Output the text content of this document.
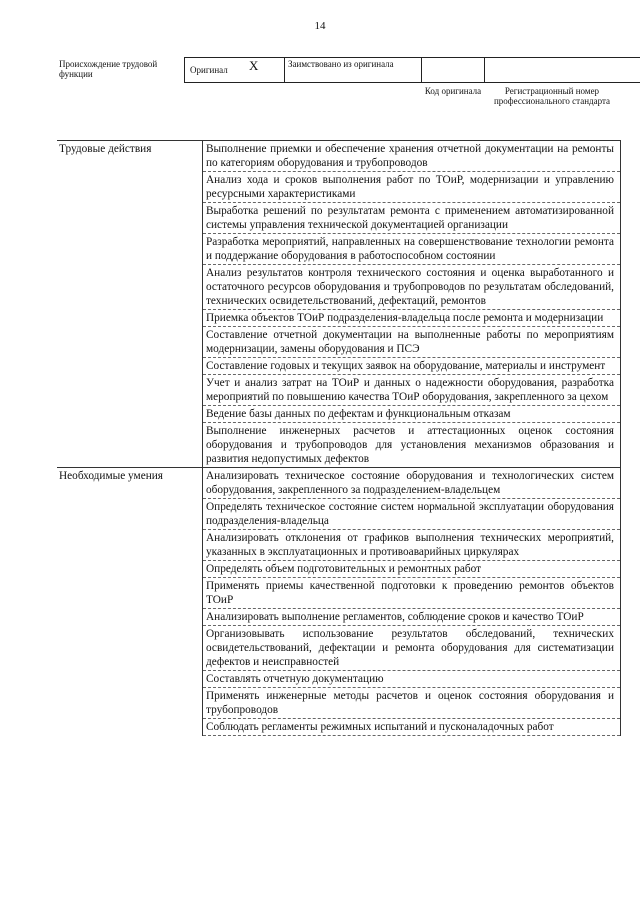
14
Происхождение трудовой функции	Оригинал X	Заимствовано из оригинала
Код оригинала	Регистрационный номер профессионального стандарта
Трудовые действия	Выполнение приемки и обеспечение хранения отчетной документации на ремонты по категориям оборудования и трубопроводов
	Анализ хода и сроков выполнения работ по ТОиР, модернизации и управлению ресурсными характеристиками
	Выработка решений по результатам ремонта с применением автоматизированной системы управления технической документацией организации
	Разработка мероприятий, направленных на совершенствование технологии ремонта и поддержание оборудования в работоспособном состоянии
	Анализ результатов контроля технического состояния и оценка выработанного и остаточного ресурсов оборудования и трубопроводов по результатам обследований, технических освидетельствований, дефектаций, ремонтов
	Приемка объектов ТОиР подразделения-владельца после ремонта и модернизации
	Составление отчетной документации на выполненные работы по мероприятиям модернизации, замены оборудования и ПСЭ
	Составление годовых и текущих заявок на оборудование, материалы и инструмент
	Учет и анализ затрат на ТОиР и данных о надежности оборудования, разработка мероприятий по повышению качества ТОиР оборудования, закрепленного за цехом
	Ведение базы данных по дефектам и функциональным отказам
	Выполнение инженерных расчетов и аттестационных оценок состояния оборудования и трубопроводов для установления механизмов образования и развития недопустимых дефектов
Необходимые умения	Анализировать техническое состояние оборудования и технологических систем оборудования, закрепленного за подразделением-владельцем
	Определять техническое состояние систем нормальной эксплуатации оборудования подразделения-владельца
	Анализировать отклонения от графиков выполнения технических мероприятий, указанных в эксплуатационных и противоаварийных циркулярах
	Определять объем подготовительных и ремонтных работ
	Применять приемы качественной подготовки к проведению ремонтов объектов ТОиР
	Анализировать выполнение регламентов, соблюдение сроков и качество ТОиР
	Организовывать использование результатов обследований, технических освидетельствований, дефектации и ремонта оборудования для систематизации дефектов и неисправностей
	Составлять отчетную документацию
	Применять инженерные методы расчетов и оценок состояния оборудования и трубопроводов
	Соблюдать регламенты режимных испытаний и пусконаладочных работ
